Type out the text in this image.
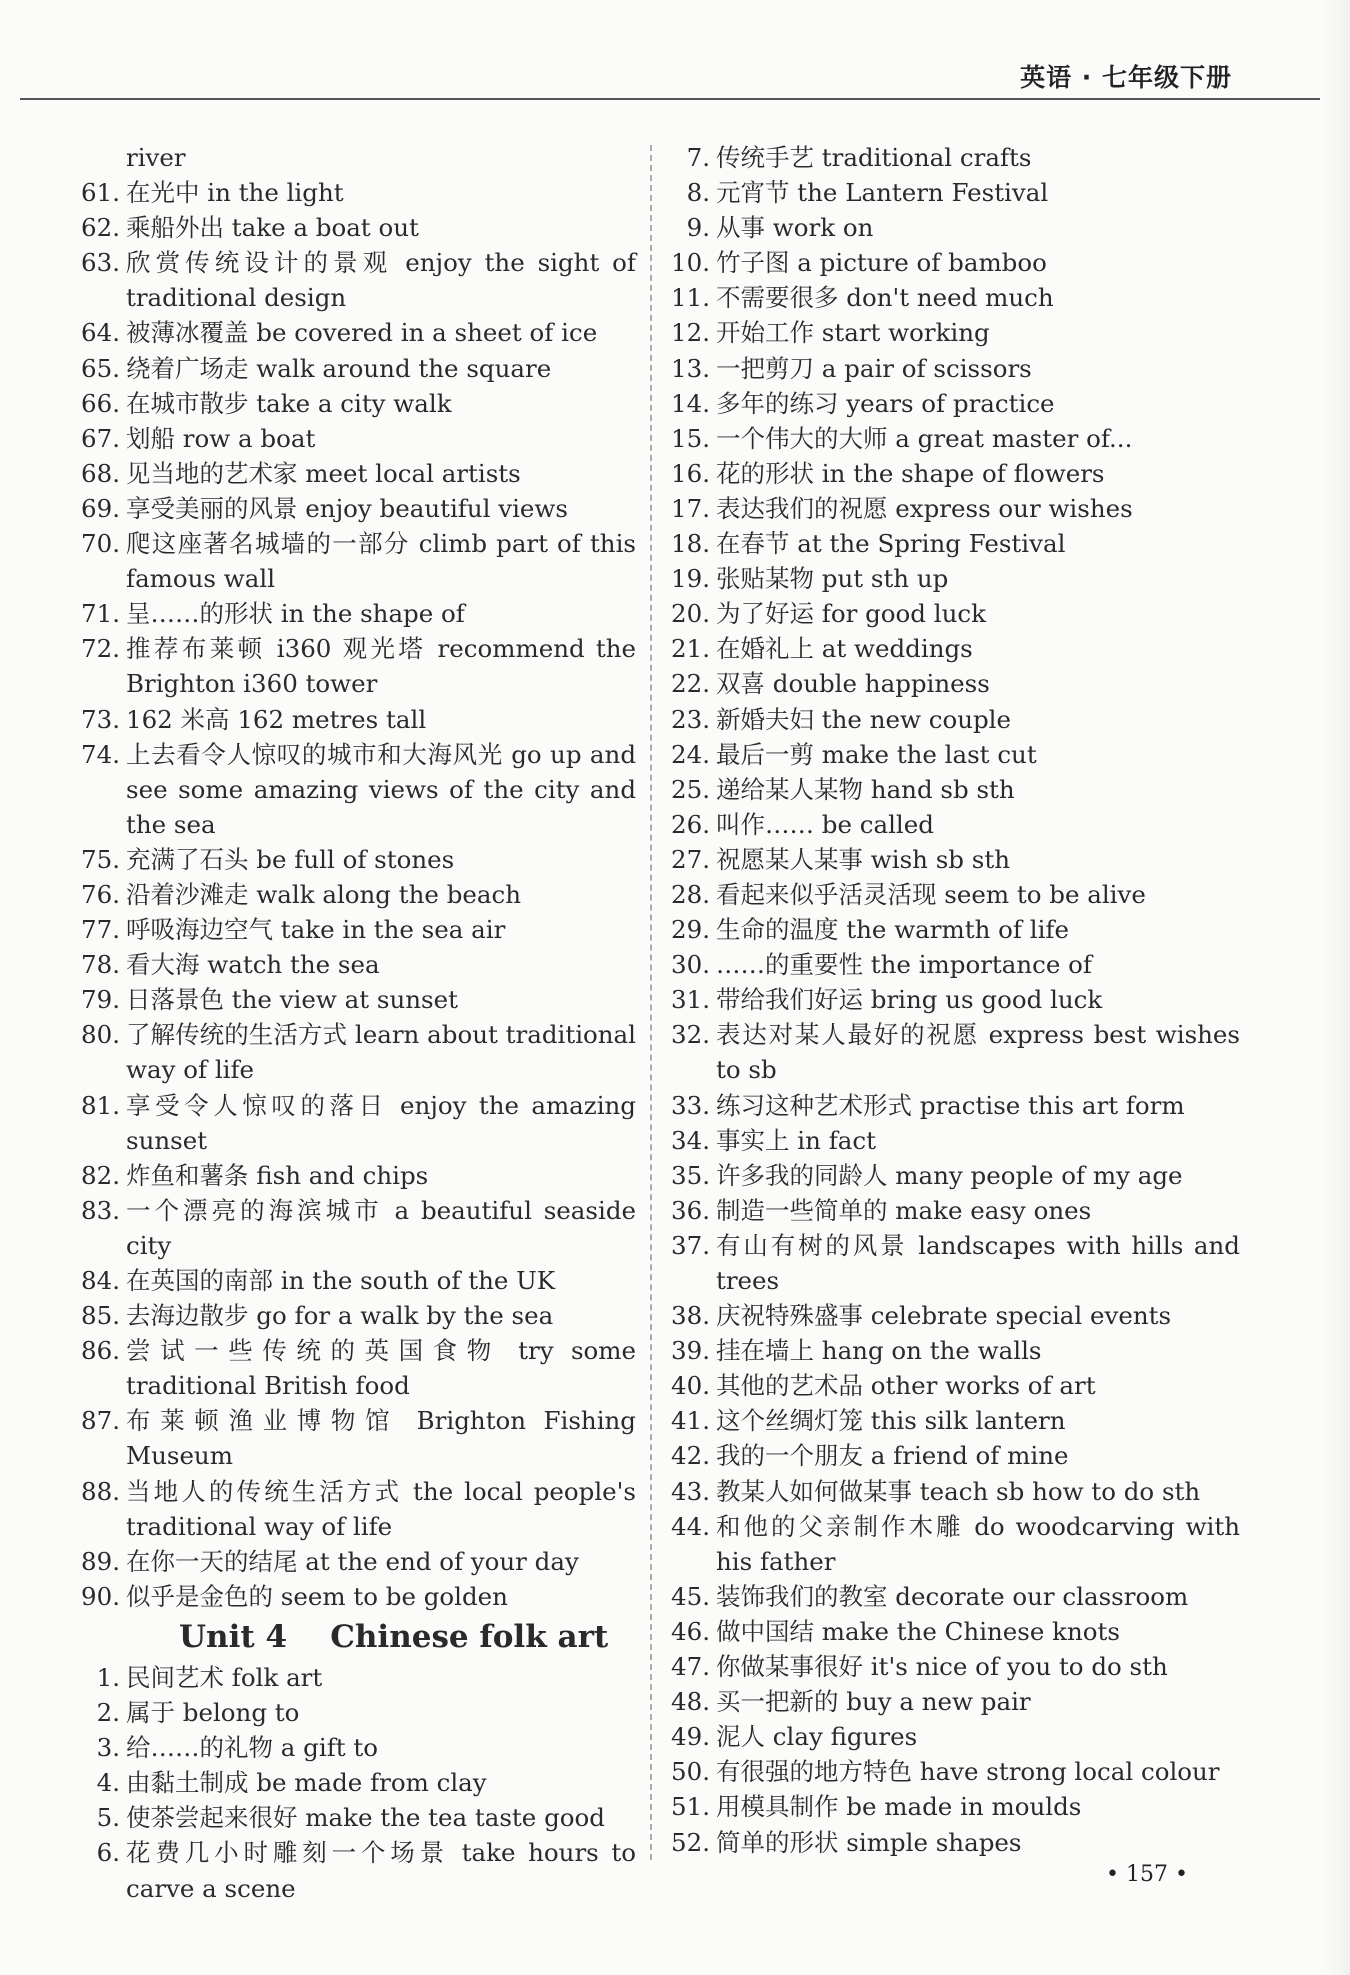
英语 · 七年级下册
river
61. 在光中 in the light
62. 乘船外出 take a boat out
63. 欣赏传统设计的景观 enjoy the sight of traditional design
64. 被薄冰覆盖 be covered in a sheet of ice
65. 绕着广场走 walk around the square
66. 在城市散步 take a city walk
67. 划船 row a boat
68. 见当地的艺术家 meet local artists
69. 享受美丽的风景 enjoy beautiful views
70. 爬这座著名城墙的一部分 climb part of this famous wall
71. 呈……的形状 in the shape of
72. 推荐布莱顿 i360 观光塔 recommend the Brighton i360 tower
73. 162 米高 162 metres tall
74. 上去看令人惊叹的城市和大海风光 go up and see some amazing views of the city and the sea
75. 充满了石头 be full of stones
76. 沿着沙滩走 walk along the beach
77. 呼吸海边空气 take in the sea air
78. 看大海 watch the sea
79. 日落景色 the view at sunset
80. 了解传统的生活方式 learn about traditional way of life
81. 享受令人惊叹的落日 enjoy the amazing sunset
82. 炸鱼和薯条 fish and chips
83. 一个漂亮的海滨城市 a beautiful seaside city
84. 在英国的南部 in the south of the UK
85. 去海边散步 go for a walk by the sea
86. 尝试一些传统的英国食物 try some traditional British food
87. 布莱顿渔业博物馆 Brighton Fishing Museum
88. 当地人的传统生活方式 the local people's traditional way of life
89. 在你一天的结尾 at the end of your day
90. 似乎是金色的 seem to be golden
Unit 4    Chinese folk art
1. 民间艺术 folk art
2. 属于 belong to
3. 给……的礼物 a gift to
4. 由黏土制成 be made from clay
5. 使茶尝起来很好 make the tea taste good
6. 花费几小时雕刻一个场景 take hours to carve a scene
7. 传统手艺 traditional crafts
8. 元宵节 the Lantern Festival
9. 从事 work on
10. 竹子图 a picture of bamboo
11. 不需要很多 don't need much
12. 开始工作 start working
13. 一把剪刀 a pair of scissors
14. 多年的练习 years of practice
15. 一个伟大的大师 a great master of...
16. 花的形状 in the shape of flowers
17. 表达我们的祝愿 express our wishes
18. 在春节 at the Spring Festival
19. 张贴某物 put sth up
20. 为了好运 for good luck
21. 在婚礼上 at weddings
22. 双喜 double happiness
23. 新婚夫妇 the new couple
24. 最后一剪 make the last cut
25. 递给某人某物 hand sb sth
26. 叫作…… be called
27. 祝愿某人某事 wish sb sth
28. 看起来似乎活灵活现 seem to be alive
29. 生命的温度 the warmth of life
30. ……的重要性 the importance of
31. 带给我们好运 bring us good luck
32. 表达对某人最好的祝愿 express best wishes to sb
33. 练习这种艺术形式 practise this art form
34. 事实上 in fact
35. 许多我的同龄人 many people of my age
36. 制造一些简单的 make easy ones
37. 有山有树的风景 landscapes with hills and trees
38. 庆祝特殊盛事 celebrate special events
39. 挂在墙上 hang on the walls
40. 其他的艺术品 other works of art
41. 这个丝绸灯笼 this silk lantern
42. 我的一个朋友 a friend of mine
43. 教某人如何做某事 teach sb how to do sth
44. 和他的父亲制作木雕 do woodcarving with his father
45. 装饰我们的教室 decorate our classroom
46. 做中国结 make the Chinese knots
47. 你做某事很好 it's nice of you to do sth
48. 买一把新的 buy a new pair
49. 泥人 clay figures
50. 有很强的地方特色 have strong local colour
51. 用模具制作 be made in moulds
52. 简单的形状 simple shapes
• 157 •
